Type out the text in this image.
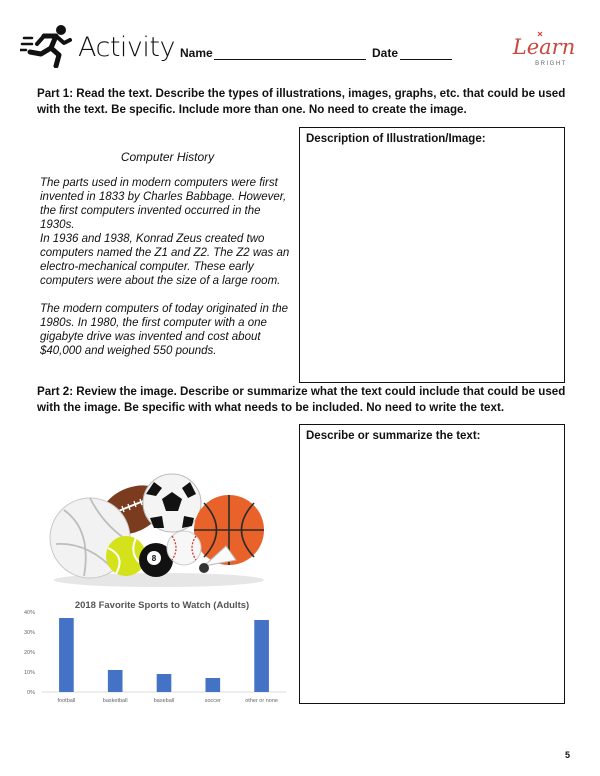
Activity Name	Date	Learn
BRIGHT
Part 1: Read the text. Describe the types of illustrations, images, graphs, etc. that could be used with the text. Be specific. Include more than one. No need to create the image.
Computer History
The parts used in modern computers were first invented in 1833 by Charles Babbage. However, the first computers invented occurred in the 1930s.
In 1936 and 1938, Konrad Zeus created two computers named the Z1 and Z2. The Z2 was an electro-mechanical computer. These early computers were about the size of a large room.
The modern computers of today originated in the 1980s. In 1980, the first computer with a one gigabyte drive was invented and cost about $40,000 and weighed 550 pounds.
Description of Illustration/Image:
Part 2: Review the image. Describe or summarize what the text could include that could be used with the image. Be specific with what needs to be included. No need to write the text.
Describe or summarize the text:
8
2018 Favorite Sports to Watch (Adults)
40%
30%
20%
10%
0%
football	basketball	baseball	soccer	other or none
5
